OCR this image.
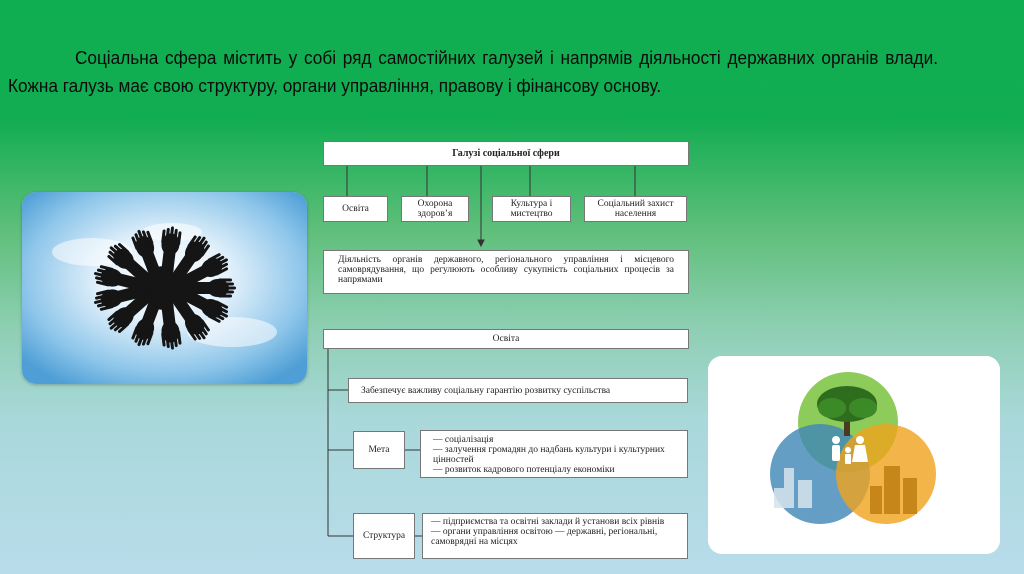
Соціальна сфера містить у собі ряд самостійних галузей і напрямів діяльності державних органів влади. Кожна галузь має свою структуру, органи управління, правову і фінансову основу.
Галузі соціальної сфери
Освіта	Охорона здоров’я
Культура і мистецтво
Соціальний захист населення
Діяльність органів державного, регіонального управління і місцевого самоврядування, що регулюють особливу сукупність соціальних процесів за напрямами
Освіта
Забезпечує важливу соціальну гарантію розвитку суспільства
Мета
— соціалізація
— залучення громадян до надбань культури і культурних цінностей
— розвиток кадрового потенціалу економіки
Структура
— підприємства та освітні заклади й установи всіх рівнів
— органи управління освітою — державні, регіональні, самоврядні на місцях
